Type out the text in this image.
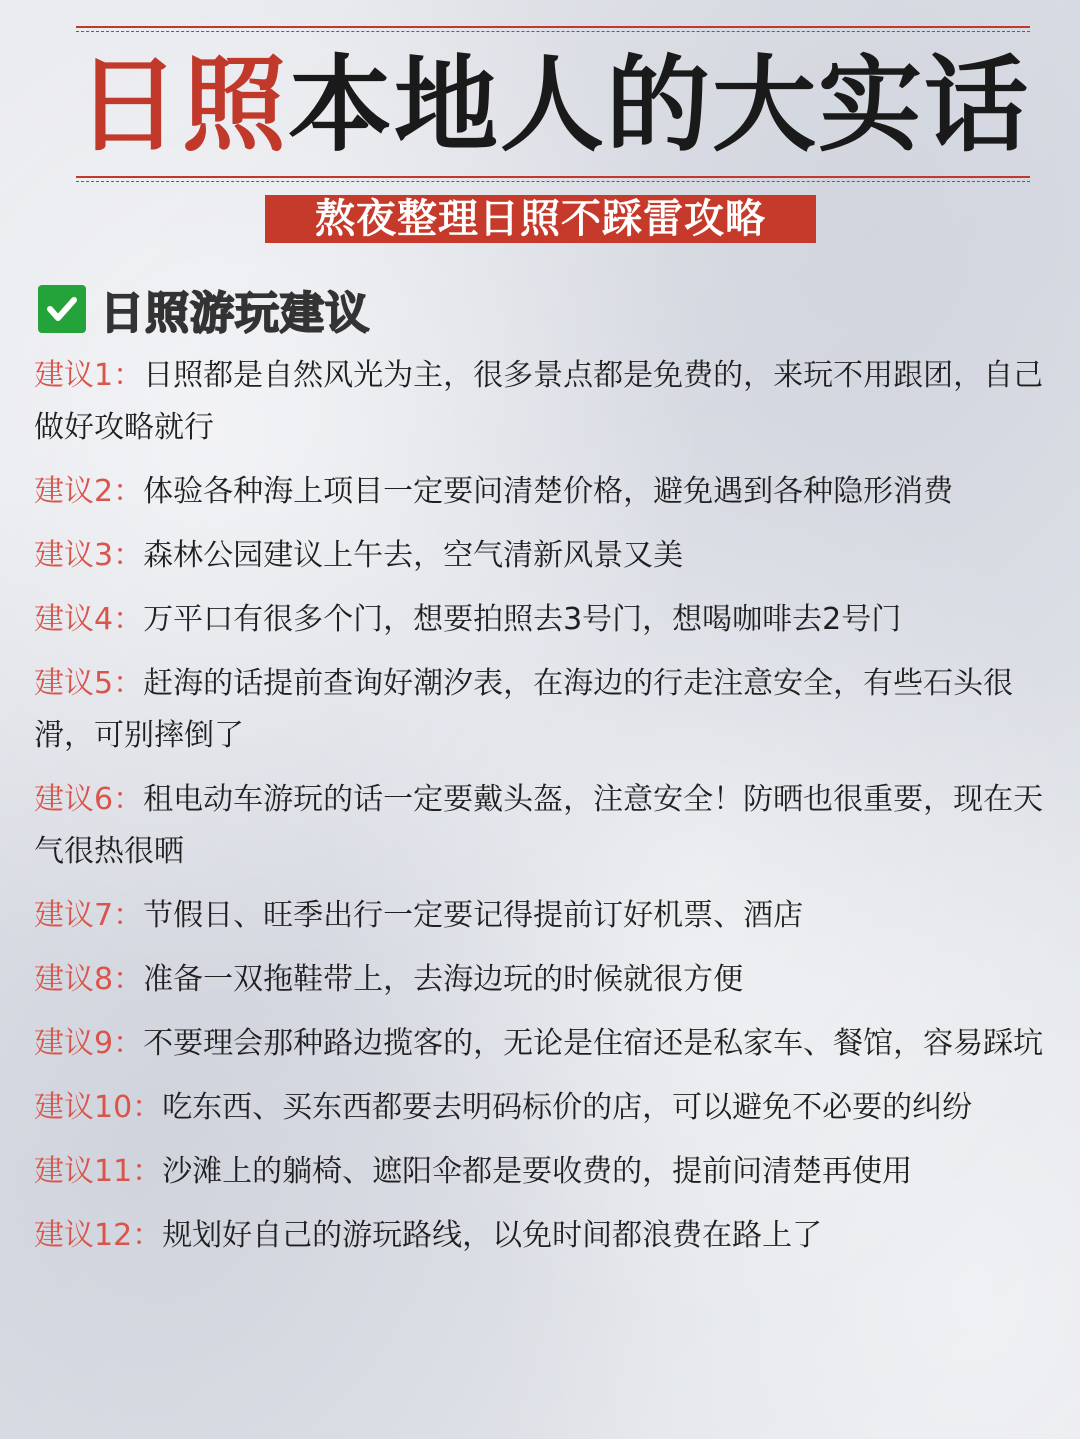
日照本地人的大实话
熬夜整理日照不踩雷攻略
日照游玩建议
建议1：日照都是自然风光为主，很多景点都是免费的，来玩不用跟团，自己做好攻略就行
建议2：体验各种海上项目一定要问清楚价格，避免遇到各种隐形消费
建议3：森林公园建议上午去，空气清新风景又美
建议4：万平口有很多个门，想要拍照去3号门，想喝咖啡去2号门
建议5：赶海的话提前查询好潮汐表，在海边的行走注意安全，有些石头很滑，可别摔倒了
建议6：租电动车游玩的话一定要戴头盔，注意安全！防晒也很重要，现在天气很热很晒
建议7：节假日、旺季出行一定要记得提前订好机票、酒店
建议8：准备一双拖鞋带上，去海边玩的时候就很方便
建议9：不要理会那种路边揽客的，无论是住宿还是私家车、餐馆，容易踩坑
建议10：吃东西、买东西都要去明码标价的店，可以避免不必要的纠纷
建议11：沙滩上的躺椅、遮阳伞都是要收费的，提前问清楚再使用
建议12：规划好自己的游玩路线，以免时间都浪费在路上了
